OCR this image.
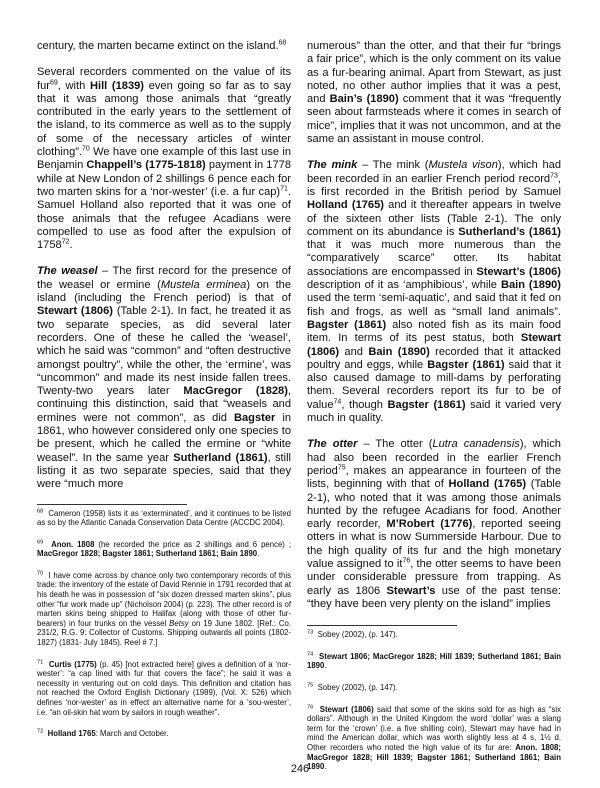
century, the marten became extinct on the island.$^{68}$

Several recorders commented on the value of its fur$^{69}$, with Hill (1839) even going so far as to say that it was among those animals that “greatly contributed in the early years to the settlement of the island, to its commerce as well as to the supply of some of the necessary articles of winter clothing”.$^{70}$ We have one example of this last use in Benjamin Chappell’s (1775-1818) payment in 1778 while at New London of 2 shillings 6 pence each for two marten skins for a ‘nor-wester’ (i.e. a fur cap)$^{71}$. Samuel Holland also reported that it was one of those animals that the refugee Acadians were compelled to use as food after the expulsion of 1758$^{72}$.

The weasel – The first record for the presence of the weasel or ermine (Mustela erminea) on the island (including the French period) is that of Stewart (1806) (Table 2-1). In fact, he treated it as two separate species, as did several later recorders. One of these he called the ‘weasel’, which he said was “common” and “often destructive amongst poultry”, while the other, the ‘ermine’, was “uncommon” and made its nest inside fallen trees. Twenty-two years later MacGregor (1828), continuing this distinction, said that “weasels and ermines were not common”, as did Bagster in 1861, who however considered only one species to be present, which he called the ermine or “white weasel”. In the same year Sutherland (1861), still listing it as two separate species, said that they were “much more

$^{68}$ Cameron (1958) lists it as ‘exterminated’, and it continues to be listed as so by the Atlantic Canada Conservation Data Centre (ACCDC 2004).

$^{69}$ Anon. 1808 (he recorded the price as 2 shillings and 6 pence) ; MacGregor 1828; Bagster 1861; Sutherland 1861; Bain 1890.

$^{70}$ I have come across by chance only two contemporary records of this trade: the inventory of the estate of David Rennie in 1791 recorded that at his death he was in possession of “six dozen dressed marten skins”, plus other “fur work made up” (Nicholson 2004) (p. 223). The other record is of marten skins being shipped to Halifax (along with those of other fur-bearers) in four trunks on the vessel Betsy on 19 June 1802. [Ref.: Co. 231/2, R.G. 9: Collector of Customs. Shipping outwards all points (1802-1827) (1831- July 1845). Reel # 7.]

$^{71}$ Curtis (1775) (p. 45) [not extracted here] gives a definition of a ‘nor-wester’: “a cap lined with fur that covers the face”; he said it was a necessity in venturing out on cold days. This definition and citation has not reached the Oxford English Dictionary (1989), (Vol. X: 526) which defines ‘nor-wester’ as in effect an alternative name for a ‘sou-wester’, i.e. “an oil-skin hat worn by sailors in rough weather”.

$^{72}$ Holland 1765: March and October.

numerous” than the otter, and that their fur “brings a fair price”, which is the only comment on its value as a fur-bearing animal. Apart from Stewart, as just noted, no other author implies that it was a pest, and Bain’s (1890) comment that it was “frequently seen about farmsteads where it comes in search of mice”, implies that it was not uncommon, and at the same an assistant in mouse control.

The mink – The mink (Mustela vison), which had been recorded in an earlier French period record$^{73}$, is first recorded in the British period by Samuel Holland (1765) and it thereafter appears in twelve of the sixteen other lists (Table 2-1). The only comment on its abundance is Sutherland’s (1861) that it was much more numerous than the “comparatively scarce” otter. Its habitat associations are encompassed in Stewart’s (1806) description of it as ‘amphibious’, while Bain (1890) used the term ‘semi-aquatic’, and said that it fed on fish and frogs, as well as “small land animals”. Bagster (1861) also noted fish as its main food item. In terms of its pest status, both Stewart (1806) and Bain (1890) recorded that it attacked poultry and eggs, while Bagster (1861) said that it also caused damage to mill-dams by perforating them. Several recorders report its fur to be of value$^{74}$, though Bagster (1861) said it varied very much in quality.

The otter – The otter (Lutra canadensis), which had also been recorded in the earlier French period$^{75}$, makes an appearance in fourteen of the lists, beginning with that of Holland (1765) (Table 2-1), who noted that it was among those animals hunted by the refugee Acadians for food. Another early recorder, M’Robert (1776), reported seeing otters in what is now Summerside Harbour. Due to the high quality of its fur and the high monetary value assigned to $it^{76}$, the otter seems to have been under considerable pressure from trapping. As early as 1806 Stewart’s use of the past tense: “they have been very plenty on the island” implies

$^{73}$ Sobey (2002), (p. 147).

$^{74}$ Stewart 1806; MacGregor 1828; Hill 1839; Sutherland 1861; Bain 1890.

$^{75}$ Sobey (2002), (p. 147).

$^{76}$ Stewart (1806) said that some of the skins sold for as high as “six dollars”. Although in the United Kingdom the word ‘dollar’ was a slang term for the ‘crown’ (i.e. a five shilling coin), Stewart may have had in mind the American dollar, which was worth slightly less at 4 s, 1½ d. Other recorders who noted the high value of its fur are: Anon. 1808; MacGregor 1828; Hill 1839; Bagster 1861; Sutherland 1861; Bain 1890.

246
